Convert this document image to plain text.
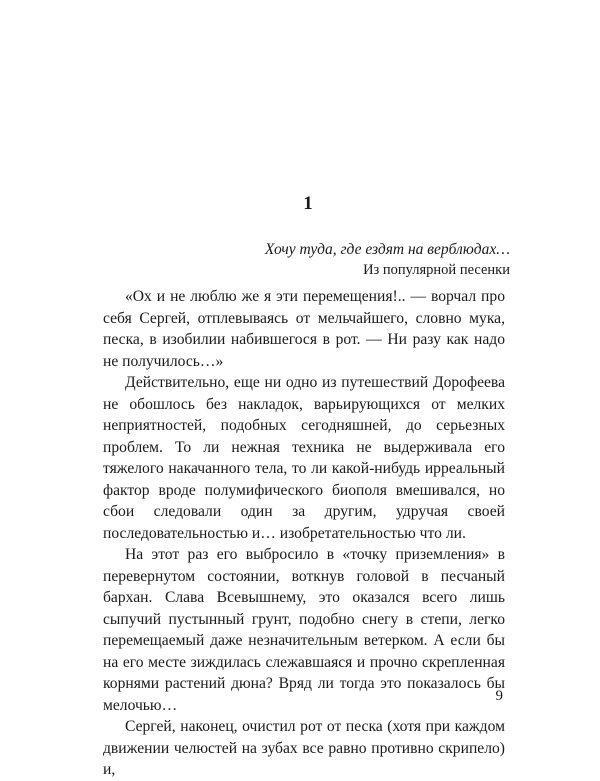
1
Хочу туда, где ездят на верблюдах…
Из популярной песенки

«Ох и не люблю же я эти перемещения!.. — ворчал про себя Сергей, отплевываясь от мельчайшего, словно мука, песка, в изобилии набившегося в рот. — Ни разу как надо не получилось…»

Действительно, еще ни одно из путешествий Дорофеева не обошлось без накладок, варьирующихся от мелких неприятностей, подобных сегодняшней, до серьезных проблем. То ли нежная техника не выдерживала его тяжелого накачанного тела, то ли какой-нибудь ирреальный фактор вроде полумифического биополя вмешивался, но сбои следовали один за другим, удручая своей последовательностью и… изобретательностью что ли.

На этот раз его выбросило в «точку приземления» в перевернутом состоянии, воткнув головой в песчаный бархан. Слава Всевышнему, это оказался всего лишь сыпучий пустынный грунт, подобно снегу в степи, легко перемещаемый даже незначительным ветерком. А если бы на его месте зиждилась слежавшаяся и прочно скрепленная корнями растений дюна? Вряд ли тогда это показалось бы мелочью…

Сергей, наконец, очистил рот от песка (хотя при каждом движении челюстей на зубах все равно противно скрипело) и,

9
